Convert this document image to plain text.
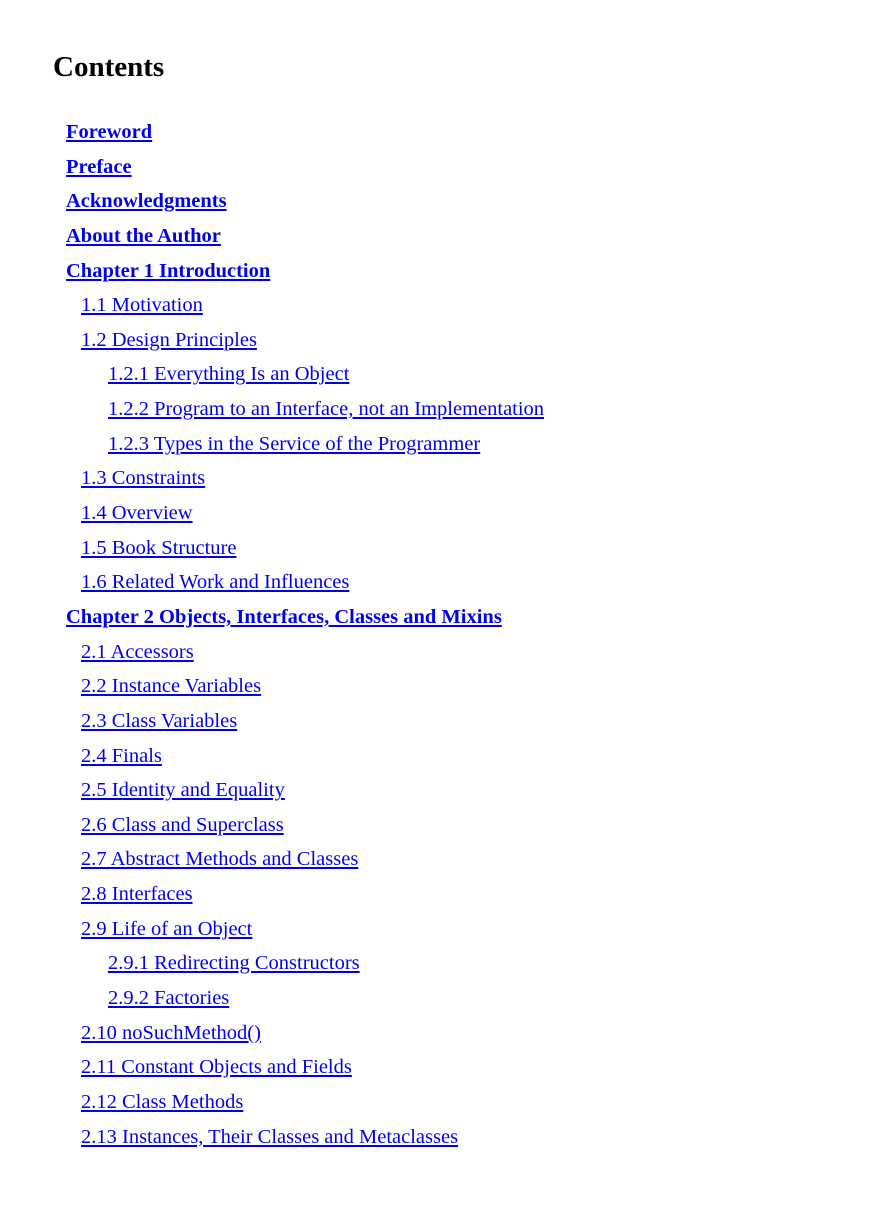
Contents
Foreword
Preface
Acknowledgments
About the Author
Chapter 1 Introduction
1.1 Motivation
1.2 Design Principles
1.2.1 Everything Is an Object
1.2.2 Program to an Interface, not an Implementation
1.2.3 Types in the Service of the Programmer
1.3 Constraints
1.4 Overview
1.5 Book Structure
1.6 Related Work and Influences
Chapter 2 Objects, Interfaces, Classes and Mixins
2.1 Accessors
2.2 Instance Variables
2.3 Class Variables
2.4 Finals
2.5 Identity and Equality
2.6 Class and Superclass
2.7 Abstract Methods and Classes
2.8 Interfaces
2.9 Life of an Object
2.9.1 Redirecting Constructors
2.9.2 Factories
2.10 noSuchMethod()
2.11 Constant Objects and Fields
2.12 Class Methods
2.13 Instances, Their Classes and Metaclasses
